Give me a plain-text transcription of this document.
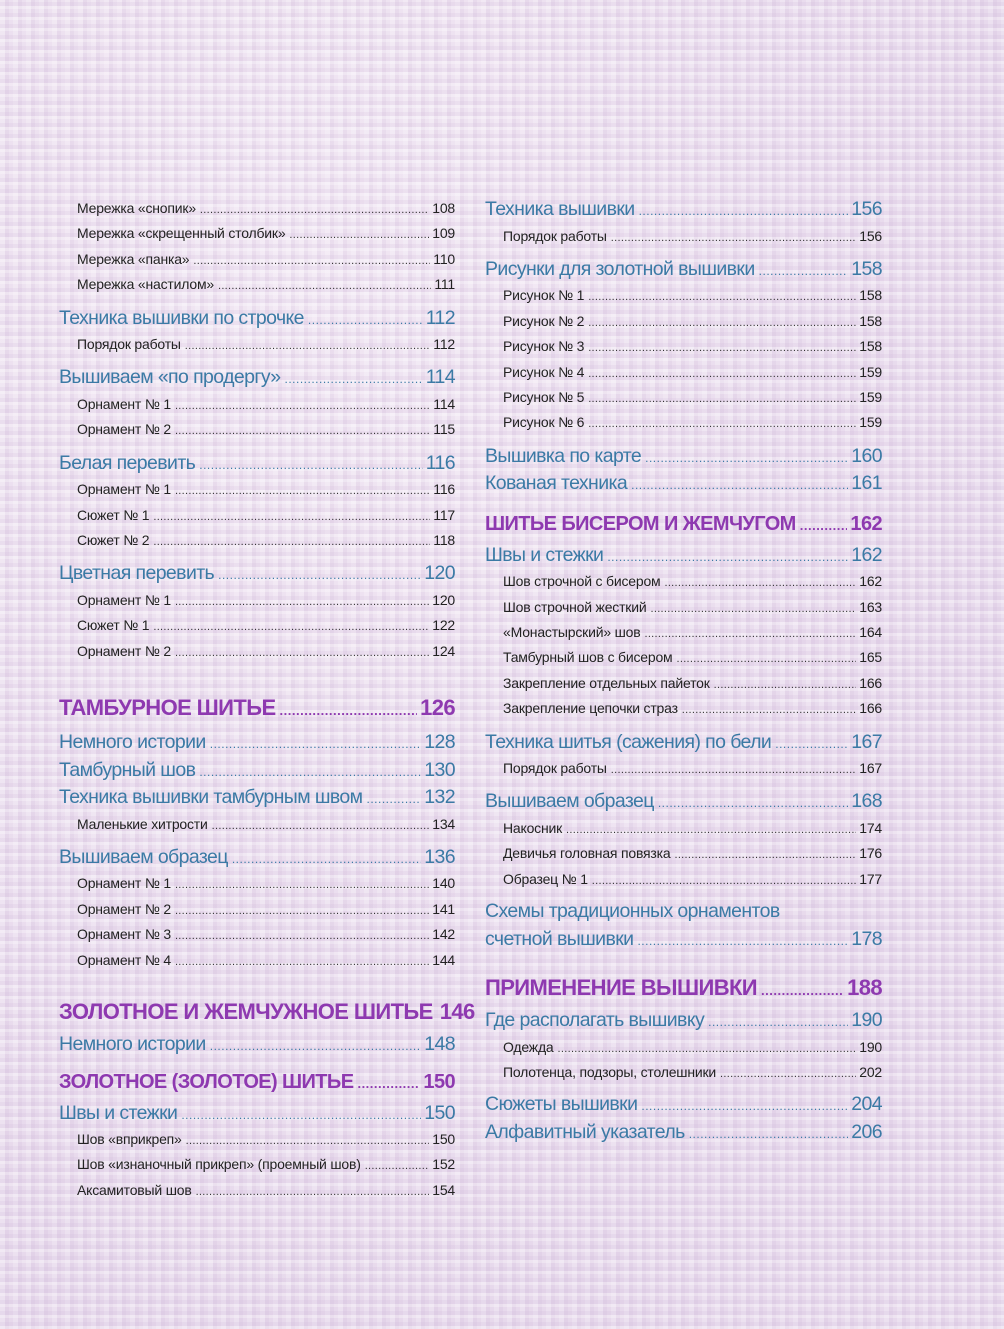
Мережка «снопик» .....	108
Мережка «скрещенный столбик» .....	109
Мережка «панка» .....	110
Мережка «настилом» .....	111
Техника вышивки по строчке .....	112
Порядок работы .....	112
Вышиваем «по продергу» .....	114
Орнамент № 1 .....	114
Орнамент № 2 .....	115
Белая перевить .....	116
Орнамент № 1 .....	116
Сюжет № 1 .....	117
Сюжет № 2 .....	118
Цветная перевить .....	120
Орнамент № 1 .....	120
Сюжет № 1 .....	122
Орнамент № 2 .....	124
ТАМБУРНОЕ ШИТЬЕ .....	126
Немного истории .....	128
Тамбурный шов .....	130
Техника вышивки тамбурным швом .....	132
Маленькие хитрости .....	134
Вышиваем образец .....	136
Орнамент № 1 .....	140
Орнамент № 2 .....	141
Орнамент № 3 .....	142
Орнамент № 4 .....	144
ЗОЛОТНОЕ И ЖЕМЧУЖНОЕ ШИТЬЕ 146
Немного истории .....	148
ЗОЛОТНОЕ (ЗОЛОТОЕ) ШИТЬЕ .....	150
Швы и стежки .....	150
Шов «вприкреп» .....	150
Шов «изнаночный прикреп» (проемный шов) .....	152
Аксамитовый шов .....	154
Техника вышивки .....	156
Порядок работы .....	156
Рисунки для золотной вышивки .....	158
Рисунок № 1 .....	158
Рисунок № 2 .....	158
Рисунок № 3 .....	158
Рисунок № 4 .....	159
Рисунок № 5 .....	159
Рисунок № 6 .....	159
Вышивка по карте .....	160
Кованая техника .....	161
ШИТЬЕ БИСЕРОМ И ЖЕМЧУГОМ .....	162
Швы и стежки .....	162
Шов строчной с бисером .....	162
Шов строчной жесткий .....	163
«Монастырский» шов .....	164
Тамбурный шов с бисером .....	165
Закрепление отдельных пайеток .....	166
Закрепление цепочки страз .....	166
Техника шитья (сажения) по бели .....	167
Порядок работы .....	167
Вышиваем образец .....	168
Накосник .....	174
Девичья головная повязка .....	176
Образец № 1 .....	177
Схемы традиционных орнаментов
счетной вышивки .....	178
ПРИМЕНЕНИЕ ВЫШИВКИ .....	188
Где располагать вышивку .....	190
Одежда .....	190
Полотенца, подзоры, столешники .....	202
Сюжеты вышивки .....	204
Алфавитный указатель .....	206
